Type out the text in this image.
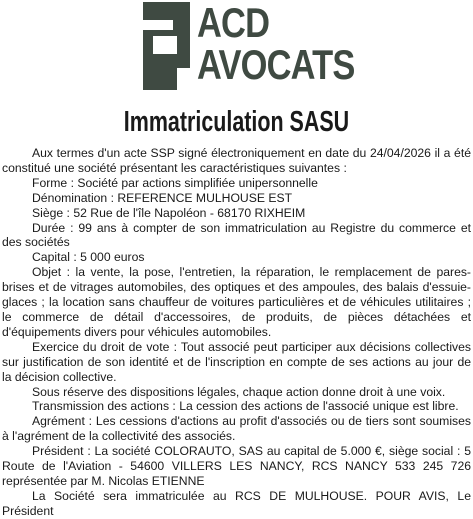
ACD
AVOCATS
Immatriculation SASU

Aux termes d'un acte SSP signé électroniquement en date du 24/04/2026 il a été constitué une société présentant les caractéristiques suivantes :

Forme : Société par actions simplifiée unipersonnelle

Dénomination : REFERENCE MULHOUSE EST

Siège : 52 Rue de l'île Napoléon - 68170 RIXHEIM

Durée : 99 ans à compter de son immatriculation au Registre du commerce et des sociétés

Capital : 5 000 euros

Objet : la vente, la pose, l'entretien, la réparation, le remplacement de pares-brises et de vitrages automobiles, des optiques et des ampoules, des balais d'essuie-glaces ; la location sans chauffeur de voitures particulières et de véhicules utilitaires ; le commerce de détail d'accessoires, de produits, de pièces détachées et d'équipements divers pour véhicules automobiles.

Exercice du droit de vote : Tout associé peut participer aux décisions collectives sur justification de son identité et de l'inscription en compte de ses actions au jour de la décision collective.

Sous réserve des dispositions légales, chaque action donne droit à une voix.

Transmission des actions : La cession des actions de l'associé unique est libre.

Agrément : Les cessions d'actions au profit d'associés ou de tiers sont soumises à l'agrément de la collectivité des associés.

Président : La société COLORAUTO, SAS au capital de 5.000 €, siège social : 5 Route de l'Aviation - 54600 VILLERS LES NANCY, RCS NANCY 533 245 726 représentée par M. Nicolas ETIENNE

La Société sera immatriculée au RCS DE MULHOUSE. POUR AVIS, Le Président
